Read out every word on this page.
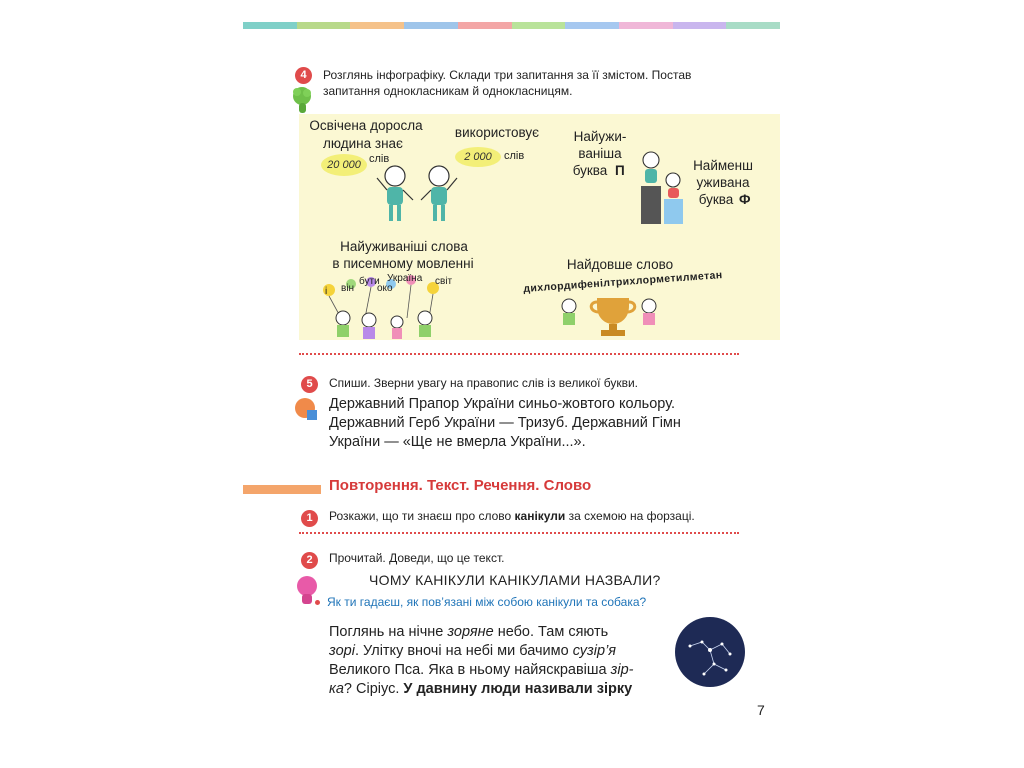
4	Розглянь інфографіку. Склади три запитання за її змістом. Постав
запитання однокласникам й однокласницям.
Освічена доросла
людина знає
20 000 слів
використовує
2 000	слів
Найужи-
ваніша
буква П	Найменш
уживана
буква Ф
Найуживаніші слова
в писемному мовленні
і він
бути
око
Україна світ
Найдовше слово
дихлордифенілтрихлорметилметан
5	Спиши. Зверни увагу на правопис слів із великої букви.
Державний Прапор України синьо-жовтого кольору.
Державний Герб України — Тризуб. Державний Гімн
України — «Ще не вмерла України...».
Повторення. Текст. Речення. Слово
1	Розкажи, що ти знаєш про слово канікули за схемою на форзаці.
2	Прочитай. Доведи, що це текст.
ЧОМУ КАНІКУЛИ КАНІКУЛАМИ НАЗВАЛИ?
Як ти гадаєш, як пов’язані між собою канікули та собака?
Поглянь на нічне зоряне небо. Там сяють
зорі. Улітку вночі на небі ми бачимо сузір’я
Великого Пса. Яка в ньому найяскравіша зір-
ка? Сіріус. У давнину люди називали зірку
7
